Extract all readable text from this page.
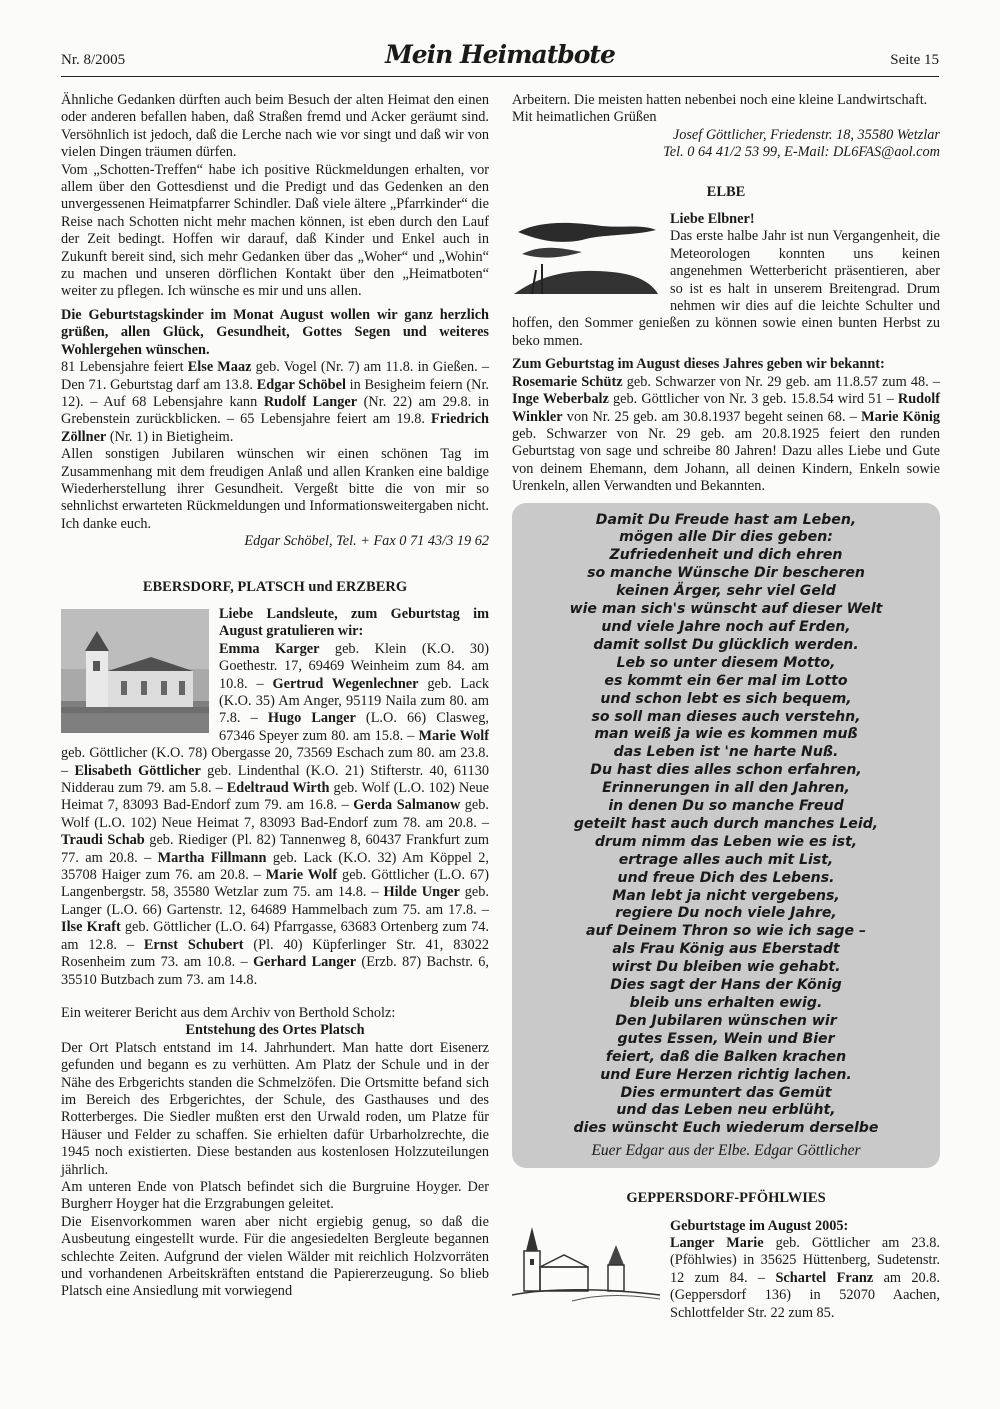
Nr. 8/2005	Mein Heimatbote	Seite 15

Ähnliche Gedanken dürften auch beim Besuch der alten Heimat den einen oder anderen befallen haben, daß Straßen fremd und Acker geräumt sind. Versöhnlich ist jedoch, daß die Lerche nach wie vor singt und daß wir von vielen Dingen träumen dürfen.

Vom „Schotten-Treffen“ habe ich positive Rückmeldungen erhalten, vor allem über den Gottesdienst und die Predigt und das Gedenken an den unvergessenen Heimatpfarrer Schindler. Daß viele ältere „Pfarrkinder“ die Reise nach Schotten nicht mehr machen können, ist eben durch den Lauf der Zeit bedingt. Hoffen wir darauf, daß Kinder und Enkel auch in Zukunft bereit sind, sich mehr Gedanken über das „Woher“ und „Wohin“ zu machen und unseren dörflichen Kontakt über den „Heimatboten“ weiter zu pflegen. Ich wünsche es mir und uns allen.

Die Geburtstagskinder im Monat August wollen wir ganz herzlich grüßen, allen Glück, Gesundheit, Gottes Segen und weiteres Wohlergehen wünschen.

81 Lebensjahre feiert Else Maaz geb. Vogel (Nr. 7) am 11.8. in Gießen. – Den 71. Geburtstag darf am 13.8. Edgar Schöbel in Besigheim feiern (Nr. 12). – Auf 68 Lebensjahre kann Rudolf Langer (Nr. 22) am 29.8. in Grebenstein zurückblicken. – 65 Lebensjahre feiert am 19.8. Friedrich Zöllner (Nr. 1) in Bietigheim.

Allen sonstigen Jubilaren wünschen wir einen schönen Tag im Zusammenhang mit dem freudigen Anlaß und allen Kranken eine baldige Wiederherstellung ihrer Gesundheit. Vergeßt bitte die von mir so sehnlichst erwarteten Rückmeldungen und Informationsweitergaben nicht. Ich danke euch.

Edgar Schöbel, Tel. + Fax 0 71 43/3 19 62

EBERSDORF, PLATSCH und ERZBERG

Liebe Landsleute, zum Geburtstag im August gratulieren wir:

Emma Karger geb. Klein (K.O. 30) Goethestr. 17, 69469 Weinheim zum 84. am 10.8. – Gertrud Wegenlechner geb. Lack (K.O. 35) Am Anger, 95119 Naila zum 80. am 7.8. – Hugo Langer (L.O. 66) Clasweg, 67346 Speyer zum 80. am 15.8. – Marie Wolf geb. Göttlicher (K.O. 78) Obergasse 20, 73569 Eschach zum 80. am 23.8. – Elisabeth Göttlicher geb. Lindenthal (K.O. 21) Stifterstr. 40, 61130 Nidderau zum 79. am 5.8. – Edeltraud Wirth geb. Wolf (L.O. 102) Neue Heimat 7, 83093 Bad-Endorf zum 79. am 16.8. – Gerda Salmanow geb. Wolf (L.O. 102) Neue Heimat 7, 83093 Bad-Endorf zum 78. am 20.8. – Traudi Schab geb. Riediger (Pl. 82) Tannenweg 8, 60437 Frankfurt zum 77. am 20.8. – Martha Fillmann geb. Lack (K.O. 32) Am Köppel 2, 35708 Haiger zum 76. am 20.8. – Marie Wolf geb. Göttlicher (L.O. 67) Langenbergstr. 58, 35580 Wetzlar zum 75. am 14.8. – Hilde Unger geb. Langer (L.O. 66) Gartenstr. 12, 64689 Hammelbach zum 75. am 17.8. – Ilse Kraft geb. Göttlicher (L.O. 64) Pfarrgasse, 63683 Ortenberg zum 74. am 12.8. – Ernst Schubert (Pl. 40) Küpferlinger Str. 41, 83022 Rosenheim zum 73. am 10.8. – Gerhard Langer (Erzb. 87) Bachstr. 6, 35510 Butzbach zum 73. am 14.8.

Ein weiterer Bericht aus dem Archiv von Berthold Scholz:

Entstehung des Ortes Platsch

Der Ort Platsch entstand im 14. Jahrhundert. Man hatte dort Eisenerz gefunden und begann es zu verhütten. Am Platz der Schule und in der Nähe des Erbgerichts standen die Schmelzöfen. Die Ortsmitte befand sich im Bereich des Erbgerichtes, der Schule, des Gasthauses und des Rotterberges. Die Siedler mußten erst den Urwald roden, um Platze für Häuser und Felder zu schaffen. Sie erhielten dafür Urbarholzrechte, die 1945 noch existierten. Diese bestanden aus kostenlosen Holzzuteilungen jährlich.

Am unteren Ende von Platsch befindet sich die Burgruine Hoyger. Der Burgherr Hoyger hat die Erzgrabungen geleitet.

Die Eisenvorkommen waren aber nicht ergiebig genug, so daß die Ausbeutung eingestellt wurde. Für die angesiedelten Bergleute begannen schlechte Zeiten. Aufgrund der vielen Wälder mit reichlich Holzvorräten und vorhandenen Arbeitskräften entstand die Papiererzeugung. So blieb Platsch eine Ansiedlung mit vorwiegend

Arbeitern. Die meisten hatten nebenbei noch eine kleine Landwirtschaft.

Mit heimatlichen Grüßen

Josef Göttlicher, Friedenstr. 18, 35580 Wetzlar

Tel. 0 64 41/2 53 99, E-Mail: DL6FAS@aol.com

ELBE

Liebe Elbner!

Das erste halbe Jahr ist nun Vergangenheit, die Meteorologen konnten uns keinen angenehmen Wetterbericht präsentieren, aber so ist es halt in unserem Breitengrad. Drum nehmen wir dies auf die leichte Schulter und hoffen, den Sommer genießen zu können sowie einen bunten Herbst zu beko mmen.

Zum Geburtstag im August dieses Jahres geben wir bekannt:

Rosemarie Schütz geb. Schwarzer von Nr. 29 geb. am 11.8.57 zum 48. – Inge Weberbalz geb. Göttlicher von Nr. 3 geb. 15.8.54 wird 51 – Rudolf Winkler von Nr. 25 geb. am 30.8.1937 begeht seinen 68. – Marie König geb. Schwarzer von Nr. 29 geb. am 20.8.1925 feiert den runden Geburtstag von sage und schreibe 80 Jahren! Dazu alles Liebe und Gute von deinem Ehemann, dem Johann, all deinen Kindern, Enkeln sowie Urenkeln, allen Verwandten und Bekannten.

Damit Du Freude hast am Leben,
mögen alle Dir dies geben:
Zufriedenheit und dich ehren
so manche Wünsche Dir bescheren
keinen Ärger, sehr viel Geld
wie man sich's wünscht auf dieser Welt
und viele Jahre noch auf Erden,
damit sollst Du glücklich werden.
Leb so unter diesem Motto,
es kommt ein 6er mal im Lotto
und schon lebt es sich bequem,
so soll man dieses auch verstehn,
man weiß ja wie es kommen muß
das Leben ist 'ne harte Nuß.
Du hast dies alles schon erfahren,
Erinnerungen in all den Jahren,
in denen Du so manche Freud
geteilt hast auch durch manches Leid,
drum nimm das Leben wie es ist,
ertrage alles auch mit List,
und freue Dich des Lebens.
Man lebt ja nicht vergebens,
regiere Du noch viele Jahre,
auf Deinem Thron so wie ich sage –
als Frau König aus Eberstadt
wirst Du bleiben wie gehabt.
Dies sagt der Hans der König
bleib uns erhalten ewig.
Den Jubilaren wünschen wir
gutes Essen, Wein und Bier
feiert, daß die Balken krachen
und Eure Herzen richtig lachen.
Dies ermuntert das Gemüt
und das Leben neu erblüht,
dies wünscht Euch wiederum derselbe
Euer Edgar aus der Elbe. Edgar Göttlicher
GEPPERSDORF-PFÖHLWIES

Geburtstage im August 2005:

Langer Marie geb. Göttlicher am 23.8. (Pföhlwies) in 35625 Hüttenberg, Sudetenstr. 12 zum 84. – Schartel Franz am 20.8. (Geppersdorf 136) in 52070 Aachen, Schlottfelder Str. 22 zum 85.
